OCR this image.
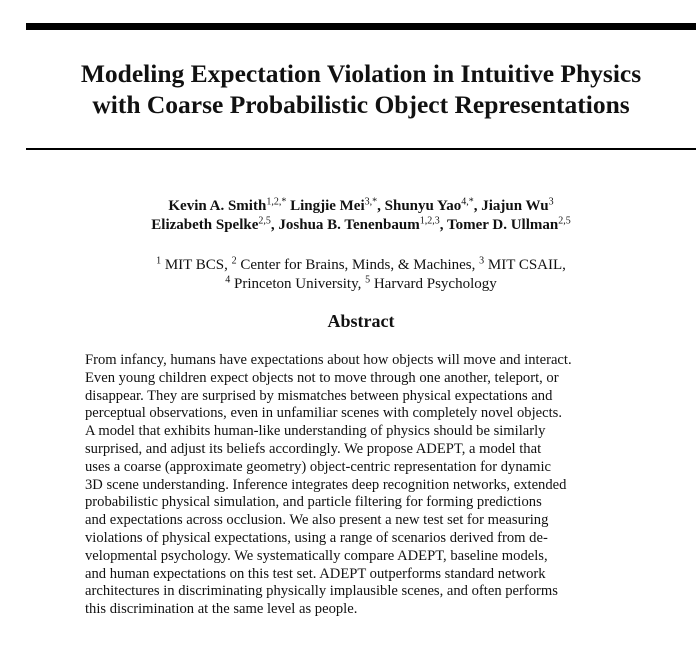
Modeling Expectation Violation in Intuitive Physics
with Coarse Probabilistic Object Representations
Kevin A. Smith$^{1,2,*}$ Lingjie Mei$^{3,*}$, Shunyu Yao$^{4,*}$, Jiajun Wu$^3$
Elizabeth Spelke$^{2,5}$, Joshua B. Tenenbaum$^{1,2,3}$, Tomer D. Ullman$^{2,5}$
$^1$ MIT BCS, $^2$ Center for Brains, Minds, & Machines, $^3$ MIT CSAIL,
$^4$ Princeton University, $^5$ Harvard Psychology
Abstract

From infancy, humans have expectations about how objects will move and interact.
Even young children expect objects not to move through one another, teleport, or
disappear. They are surprised by mismatches between physical expectations and
perceptual observations, even in unfamiliar scenes with completely novel objects.
A model that exhibits human-like understanding of physics should be similarly
surprised, and adjust its beliefs accordingly. We propose ADEPT, a model that
uses a coarse (approximate geometry) object-centric representation for dynamic
3D scene understanding. Inference integrates deep recognition networks, extended
probabilistic physical simulation, and particle filtering for forming predictions
and expectations across occlusion. We also present a new test set for measuring
violations of physical expectations, using a range of scenarios derived from de-
velopmental psychology. We systematically compare ADEPT, baseline models,
and human expectations on this test set. ADEPT outperforms standard network
architectures in discriminating physically implausible scenes, and often performs
this discrimination at the same level as people.
